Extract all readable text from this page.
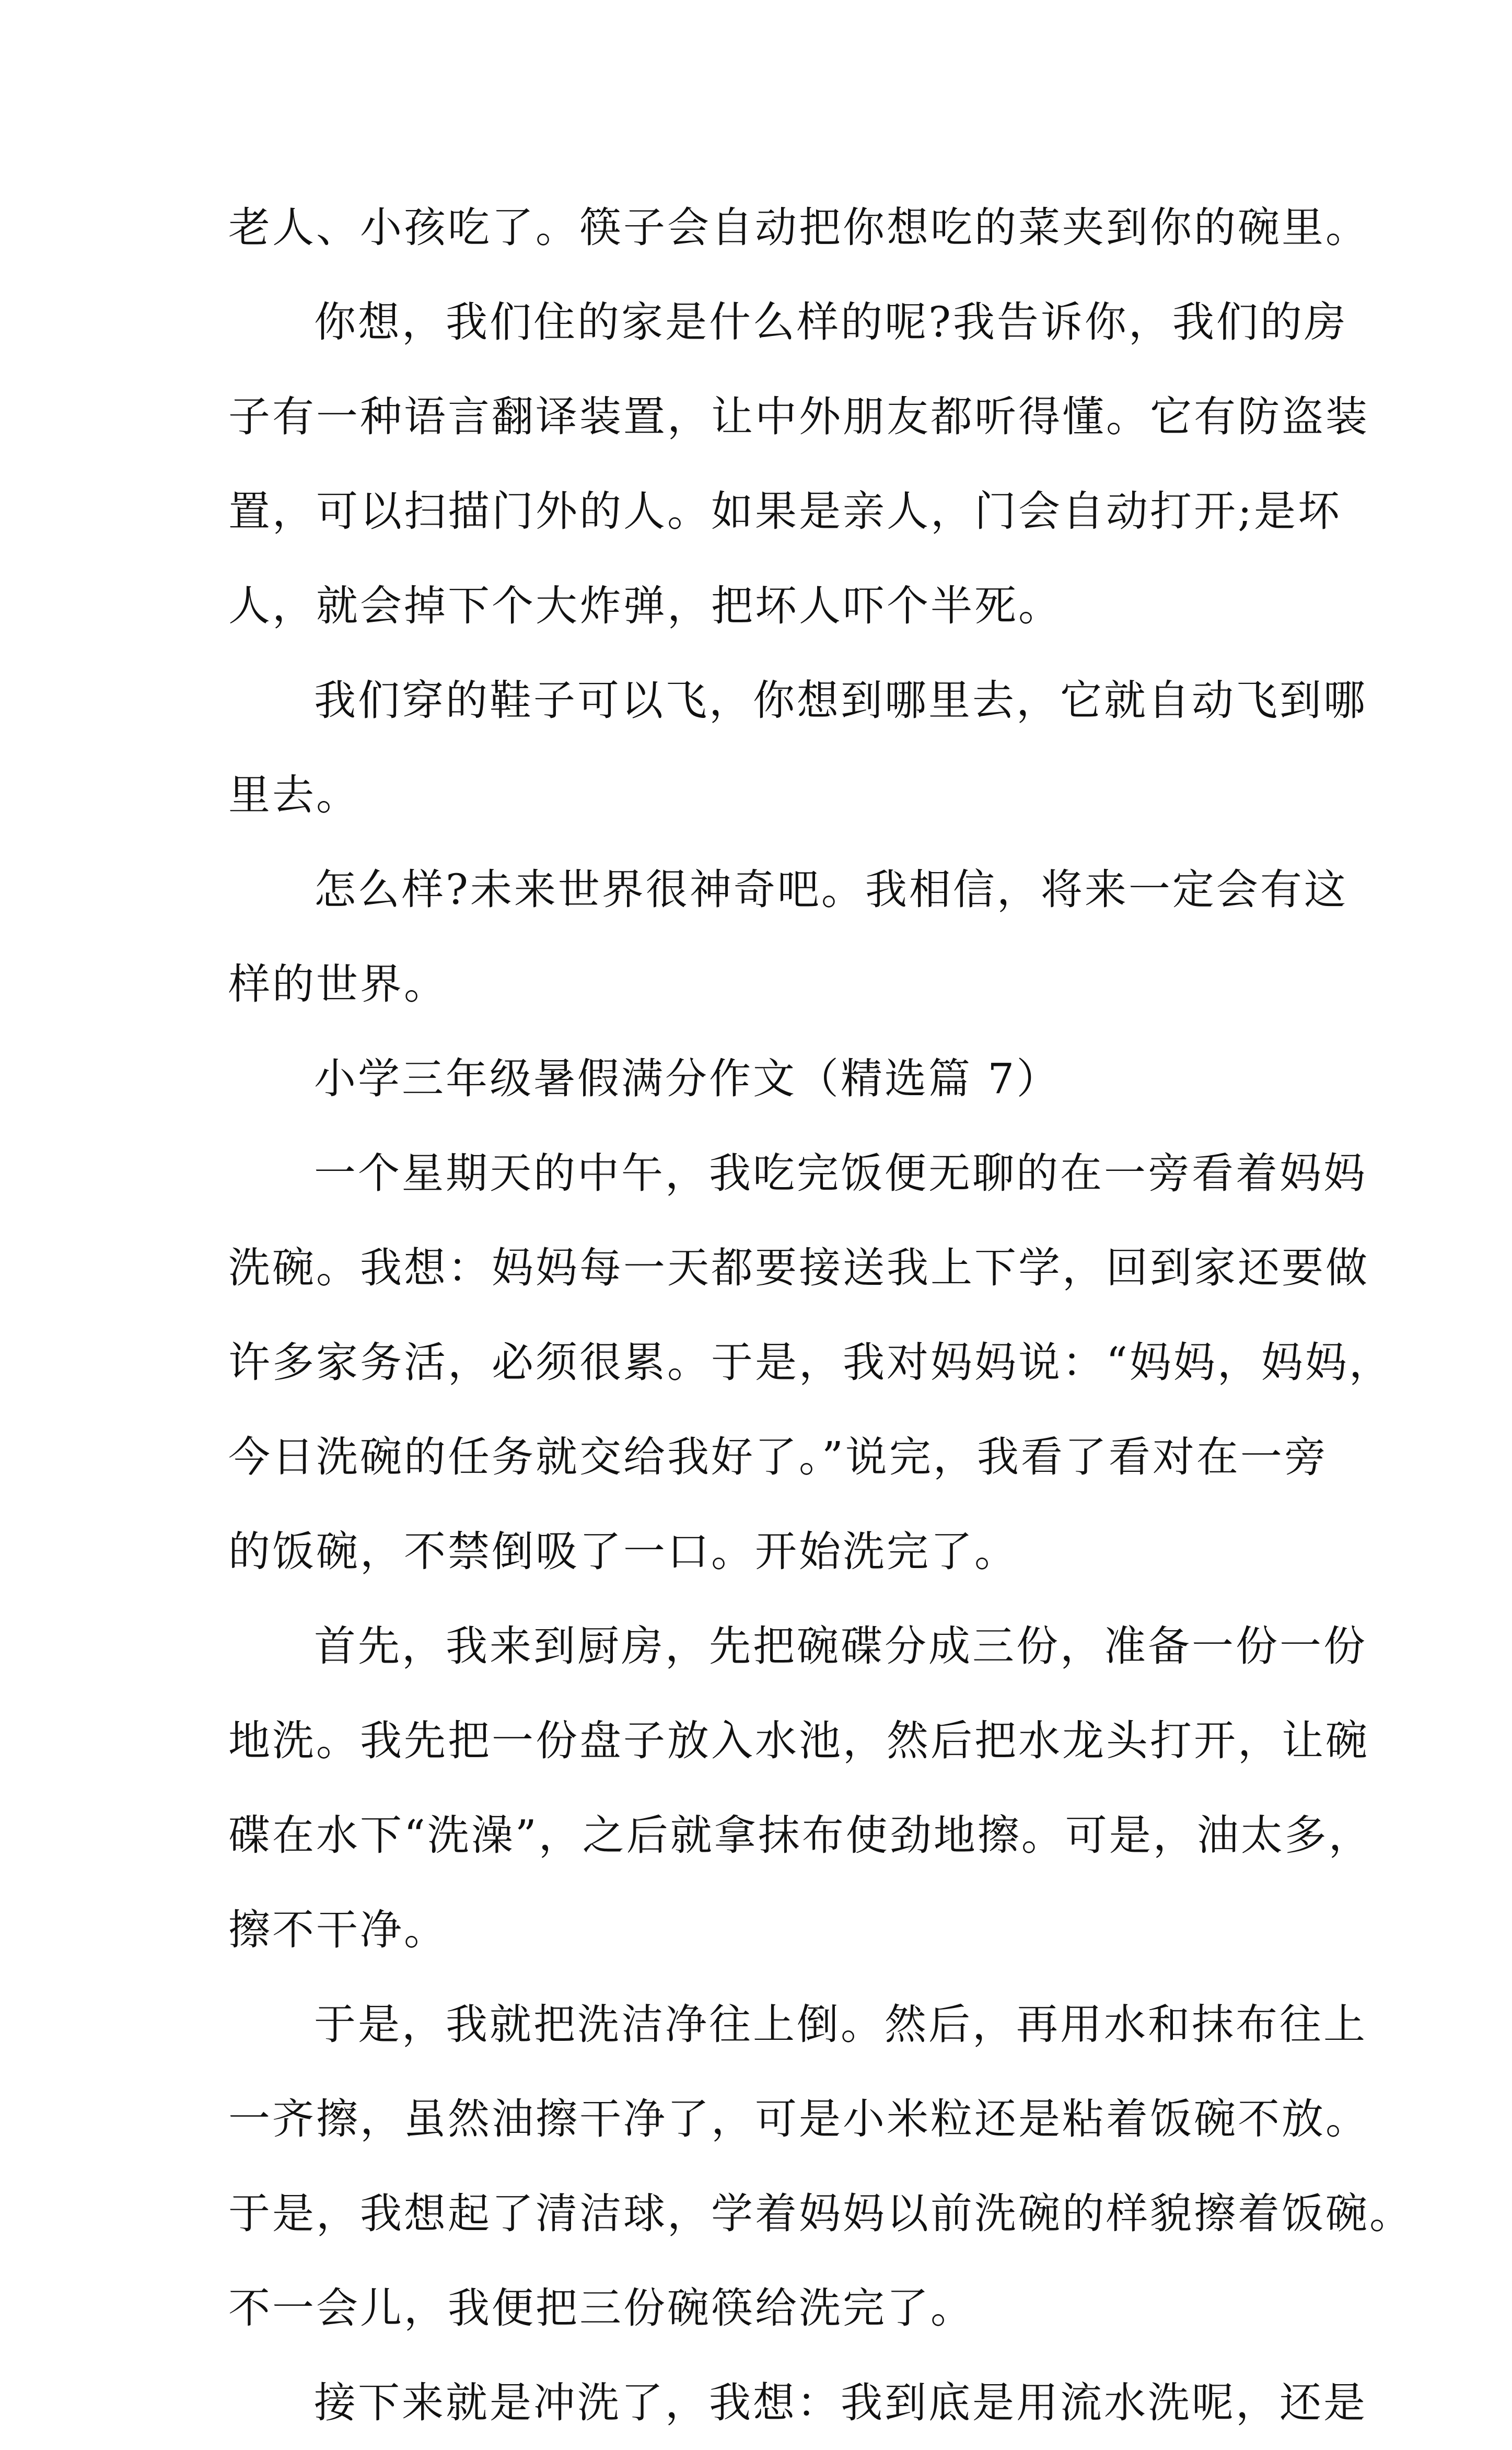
老人、小孩吃了。筷子会自动把你想吃的菜夹到你的碗里。
你想，我们住的家是什么样的呢?我告诉你，我们的房
子有一种语言翻译装置，让中外朋友都听得懂。它有防盗装
置，可以扫描门外的人。如果是亲人，门会自动打开;是坏
人，就会掉下个大炸弹，把坏人吓个半死。
我们穿的鞋子可以飞，你想到哪里去，它就自动飞到哪
里去。
怎么样?未来世界很神奇吧。我相信，将来一定会有这
样的世界。
小学三年级暑假满分作文（精选篇 7）
一个星期天的中午，我吃完饭便无聊的在一旁看着妈妈
洗碗。我想：妈妈每一天都要接送我上下学，回到家还要做
许多家务活，必须很累。于是，我对妈妈说：“妈妈，妈妈，
今日洗碗的任务就交给我好了。”说完，我看了看对在一旁
的饭碗，不禁倒吸了一口。开始洗完了。
首先，我来到厨房，先把碗碟分成三份，准备一份一份
地洗。我先把一份盘子放入水池，然后把水龙头打开，让碗
碟在水下“洗澡”，之后就拿抹布使劲地擦。可是，油太多，
擦不干净。
于是，我就把洗洁净往上倒。然后，再用水和抹布往上
一齐擦，虽然油擦干净了，可是小米粒还是粘着饭碗不放。
于是，我想起了清洁球，学着妈妈以前洗碗的样貌擦着饭碗。
不一会儿，我便把三份碗筷给洗完了。
接下来就是冲洗了，我想：我到底是用流水洗呢，还是
